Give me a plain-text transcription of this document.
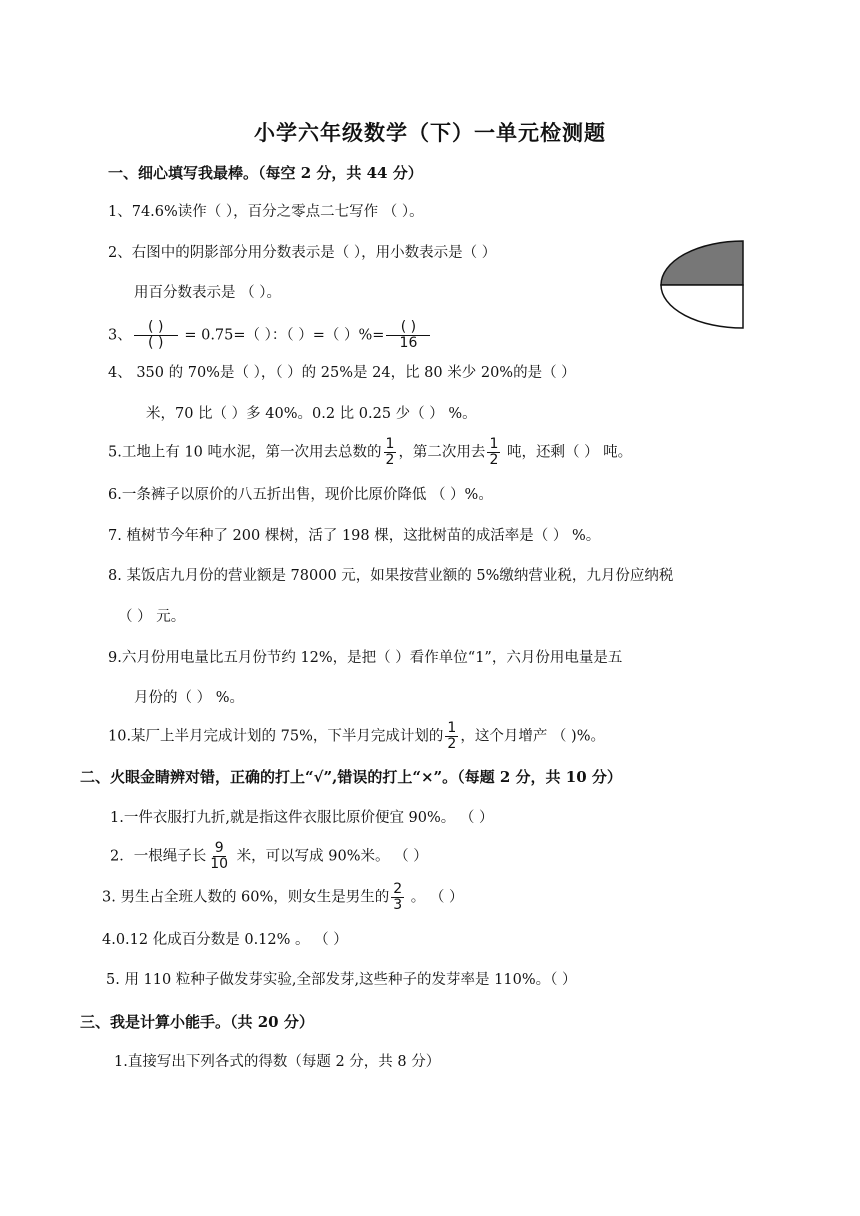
小学六年级数学（下）一单元检测题
一、细心填写我最棒。（每空 2 分，共 44 分）
1、74.6%读作（ ），百分之零点二七写作 （ ）。
2、右图中的阴影部分用分数表示是（ ），用小数表示是（ ）
用百分数表示是 （ ）。
3、 $\frac{( )}{( )} = 0.75=$（ ）：（ ）=（ ）%= $\frac{( )}{16}$
4、 350 的 70%是（ ），（ ）的 25%是 24，比 80 米少 20%的是（ ）
米，70 比（ ）多 40%。0.2 比 0.25 少（ ） %。
5.工地上有 10 吨水泥，第一次用去总数的 $\frac{1}{2}$ ，第二次用去 $\frac{1}{2}$ 吨，还剩（ ） 吨。
6.一条裤子以原价的八五折出售，现价比原价降低 （ ）%。
7. 植树节今年种了 200 棵树，活了 198 棵，这批树苗的成活率是（ ） %。
8. 某饭店九月份的营业额是 78000 元，如果按营业额的 5%缴纳营业税，九月份应纳税
（ ） 元。
9.六月份用电量比五月份节约 12%，是把（ ）看作单位“1”，六月份用电量是五
月份的（ ） %。
10.某厂上半月完成计划的 75%，下半月完成计划的 $\frac{1}{2}$ ，这个月增产 （ )%。
二、火眼金睛辨对错，正确的打上“√”,错误的打上“×”。（每题 2 分，共 10 分）
1.一件衣服打九折,就是指这件衣服比原价便宜 90%。 （ ）
2．一根绳子长 $\frac{9}{10}$ 米，可以写成 90%米。 （ ）
3. 男生占全班人数的 60%，则女生是男生的 $\frac{2}{3}$ 。 （ ）
4.0.12 化成百分数是 0.12% 。 （ ）
5. 用 110 粒种子做发芽实验,全部发芽,这些种子的发芽率是 110%。（ ）
三、我是计算小能手。（共 20 分）
1.直接写出下列各式的得数（每题 2 分，共 8 分）
